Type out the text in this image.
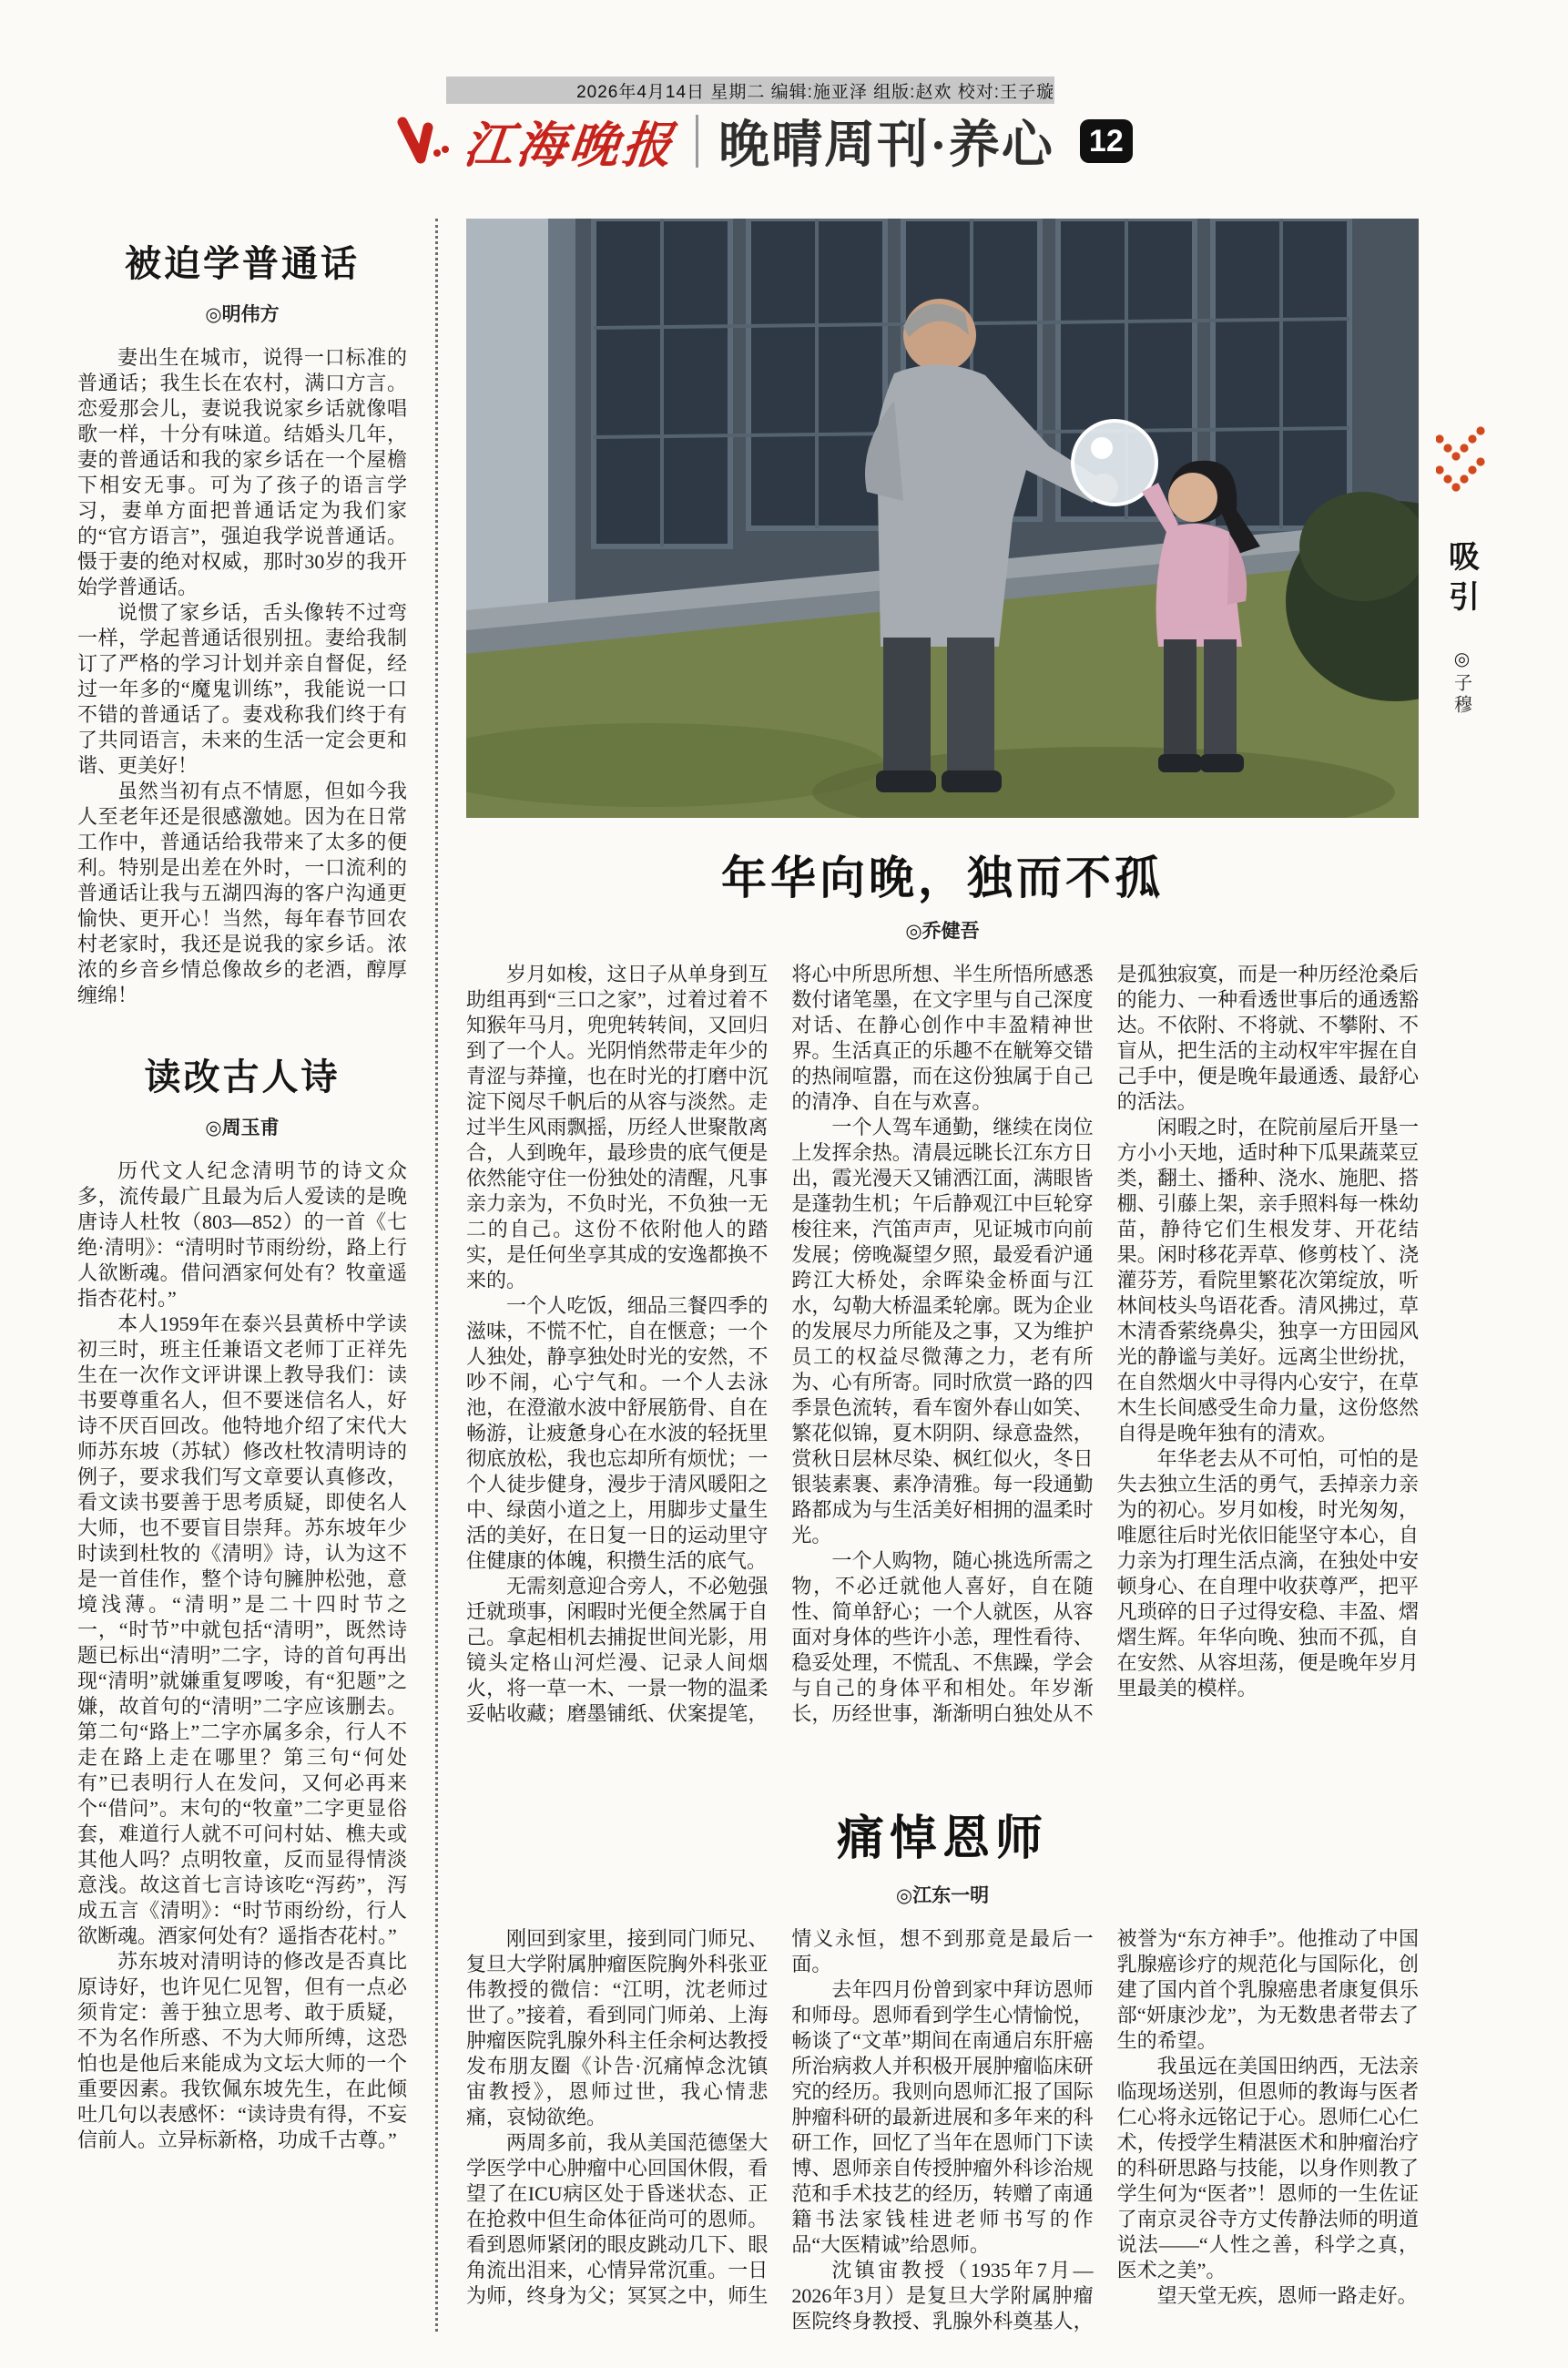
2026年4月14日 星期二 编辑:施亚泽 组版:赵欢 校对:王子璇
江海晚报 晚晴周刊·养心 12
被迫学普通话
◎明伟方

妻出生在城市，说得一口标准的普通话；我生长在农村，满口方言。恋爱那会儿，妻说我说家乡话就像唱歌一样，十分有味道。结婚头几年，妻的普通话和我的家乡话在一个屋檐下相安无事。可为了孩子的语言学习，妻单方面把普通话定为我们家的“官方语言”，强迫我学说普通话。慑于妻的绝对权威，那时30岁的我开始学普通话。

说惯了家乡话，舌头像转不过弯一样，学起普通话很别扭。妻给我制订了严格的学习计划并亲自督促，经过一年多的“魔鬼训练”，我能说一口不错的普通话了。妻戏称我们终于有了共同语言，未来的生活一定会更和谐、更美好！

虽然当初有点不情愿，但如今我人至老年还是很感激她。因为在日常工作中，普通话给我带来了太多的便利。特别是出差在外时，一口流利的普通话让我与五湖四海的客户沟通更愉快、更开心！当然，每年春节回农村老家时，我还是说我的家乡话。浓浓的乡音乡情总像故乡的老酒，醇厚缠绵！

读改古人诗
◎周玉甫

历代文人纪念清明节的诗文众多，流传最广且最为后人爱读的是晚唐诗人杜牧（803—852）的一首《七绝·清明》：“清明时节雨纷纷，路上行人欲断魂。借问酒家何处有？牧童遥指杏花村。”

本人1959年在泰兴县黄桥中学读初三时，班主任兼语文老师丁正祥先生在一次作文评讲课上教导我们：读书要尊重名人，但不要迷信名人，好诗不厌百回改。他特地介绍了宋代大师苏东坡（苏轼）修改杜牧清明诗的例子，要求我们写文章要认真修改，看文读书要善于思考质疑，即使名人大师，也不要盲目崇拜。苏东坡年少时读到杜牧的《清明》诗，认为这不是一首佳作，整个诗句臃肿松弛，意境浅薄。“清明”是二十四时节之一，“时节”中就包括“清明”，既然诗题已标出“清明”二字，诗的首句再出现“清明”就嫌重复啰唆，有“犯题”之嫌，故首句的“清明”二字应该删去。第二句“路上”二字亦属多余，行人不走在路上走在哪里？第三句“何处有”已表明行人在发问，又何必再来个“借问”。末句的“牧童”二字更显俗套，难道行人就不可问村姑、樵夫或其他人吗？点明牧童，反而显得情淡意浅。故这首七言诗该吃“泻药”，泻成五言《清明》：“时节雨纷纷，行人欲断魂。酒家何处有？遥指杏花村。”

苏东坡对清明诗的修改是否真比原诗好，也许见仁见智，但有一点必须肯定：善于独立思考、敢于质疑，不为名作所惑、不为大师所缚，这恐怕也是他后来能成为文坛大师的一个重要因素。我钦佩东坡先生，在此倾吐几句以表感怀：“读诗贵有得，不妄信前人。立异标新格，功成千古尊。”

年华向晚，独而不孤
◎乔健吾

岁月如梭，这日子从单身到互助组再到“三口之家”，过着过着不知猴年马月，兜兜转转间，又回归到了一个人。光阴悄然带走年少的青涩与莽撞，也在时光的打磨中沉淀下阅尽千帆后的从容与淡然。走过半生风雨飘摇，历经人世聚散离合，人到晚年，最珍贵的底气便是依然能守住一份独处的清醒，凡事亲力亲为，不负时光，不负独一无二的自己。这份不依附他人的踏实，是任何坐享其成的安逸都换不来的。

一个人吃饭，细品三餐四季的滋味，不慌不忙，自在惬意；一个人独处，静享独处时光的安然，不吵不闹，心宁气和。一个人去泳池，在澄澈水波中舒展筋骨、自在畅游，让疲惫身心在水波的轻抚里彻底放松，我也忘却所有烦忧；一个人徒步健身，漫步于清风暖阳之中、绿茵小道之上，用脚步丈量生活的美好，在日复一日的运动里守住健康的体魄，积攒生活的底气。

无需刻意迎合旁人，不必勉强迁就琐事，闲暇时光便全然属于自己。拿起相机去捕捉世间光影，用镜头定格山河烂漫、记录人间烟火，将一草一木、一景一物的温柔妥帖收藏；磨墨铺纸、伏案提笔，将心中所思所想、半生所悟所感悉数付诸笔墨，在文字里与自己深度对话、在静心创作中丰盈精神世界。生活真正的乐趣不在觥筹交错的热闹喧嚣，而在这份独属于自己的清净、自在与欢喜。

一个人驾车通勤，继续在岗位上发挥余热。清晨远眺长江东方日出，霞光漫天又铺洒江面，满眼皆是蓬勃生机；午后静观江中巨轮穿梭往来，汽笛声声，见证城市向前发展；傍晚凝望夕照，最爱看沪通跨江大桥处，余晖染金桥面与江水，勾勒大桥温柔轮廓。既为企业的发展尽力所能及之事，又为维护员工的权益尽微薄之力，老有所为、心有所寄。同时欣赏一路的四季景色流转，看车窗外春山如笑、繁花似锦，夏木阴阴、绿意盎然，赏秋日层林尽染、枫红似火，冬日银装素裹、素净清雅。每一段通勤路都成为与生活美好相拥的温柔时光。

一个人购物，随心挑选所需之物，不必迁就他人喜好，自在随性、简单舒心；一个人就医，从容面对身体的些许小恙，理性看待、稳妥处理，不慌乱、不焦躁，学会与自己的身体平和相处。年岁渐长，历经世事，渐渐明白独处从不是孤独寂寞，而是一种历经沧桑后的能力、一种看透世事后的通透豁达。不依附、不将就、不攀附、不盲从，把生活的主动权牢牢握在自己手中，便是晚年最通透、最舒心的活法。

闲暇之时，在院前屋后开垦一方小小天地，适时种下瓜果蔬菜豆类，翻土、播种、浇水、施肥、搭棚、引藤上架，亲手照料每一株幼苗，静待它们生根发芽、开花结果。闲时移花弄草、修剪枝丫、浇灌芬芳，看院里繁花次第绽放，听林间枝头鸟语花香。清风拂过，草木清香萦绕鼻尖，独享一方田园风光的静谧与美好。远离尘世纷扰，在自然烟火中寻得内心安宁，在草木生长间感受生命力量，这份悠然自得是晚年独有的清欢。

年华老去从不可怕，可怕的是失去独立生活的勇气，丢掉亲力亲为的初心。岁月如梭，时光匆匆，唯愿往后时光依旧能坚守本心，自力亲为打理生活点滴，在独处中安顿身心、在自理中收获尊严，把平凡琐碎的日子过得安稳、丰盈、熠熠生辉。年华向晚、独而不孤，自在安然、从容坦荡，便是晚年岁月里最美的模样。

痛悼恩师
◎江东一明

刚回到家里，接到同门师兄、复旦大学附属肿瘤医院胸外科张亚伟教授的微信：“江明，沈老师过世了。”接着，看到同门师弟、上海肿瘤医院乳腺外科主任余柯达教授发布朋友圈《讣告·沉痛悼念沈镇宙教授》，恩师过世，我心情悲痛，哀恸欲绝。

两周多前，我从美国范德堡大学医学中心肿瘤中心回国休假，看望了在ICU病区处于昏迷状态、正在抢救中但生命体征尚可的恩师。看到恩师紧闭的眼皮跳动几下、眼角流出泪来，心情异常沉重。一日为师，终身为父；冥冥之中，师生情义永恒，想不到那竟是最后一面。

去年四月份曾到家中拜访恩师和师母。恩师看到学生心情愉悦，畅谈了“文革”期间在南通启东肝癌所治病救人并积极开展肿瘤临床研究的经历。我则向恩师汇报了国际肿瘤科研的最新进展和多年来的科研工作，回忆了当年在恩师门下读博、恩师亲自传授肿瘤外科诊治规范和手术技艺的经历，转赠了南通籍书法家钱桂进老师书写的作品“大医精诚”给恩师。

沈镇宙教授（1935年7月—2026年3月）是复旦大学附属肿瘤医院终身教授、乳腺外科奠基人，被誉为“东方神手”。他推动了中国乳腺癌诊疗的规范化与国际化，创建了国内首个乳腺癌患者康复俱乐部“妍康沙龙”，为无数患者带去了生的希望。

我虽远在美国田纳西，无法亲临现场送别，但恩师的教诲与医者仁心将永远铭记于心。恩师仁心仁术，传授学生精湛医术和肿瘤治疗的科研思路与技能，以身作则教了学生何为“医者”！恩师的一生佐证了南京灵谷寺方丈传静法师的明道说法——“人性之善，科学之真，医术之美”。

望天堂无疾，恩师一路走好。

吸引
◎子穆
